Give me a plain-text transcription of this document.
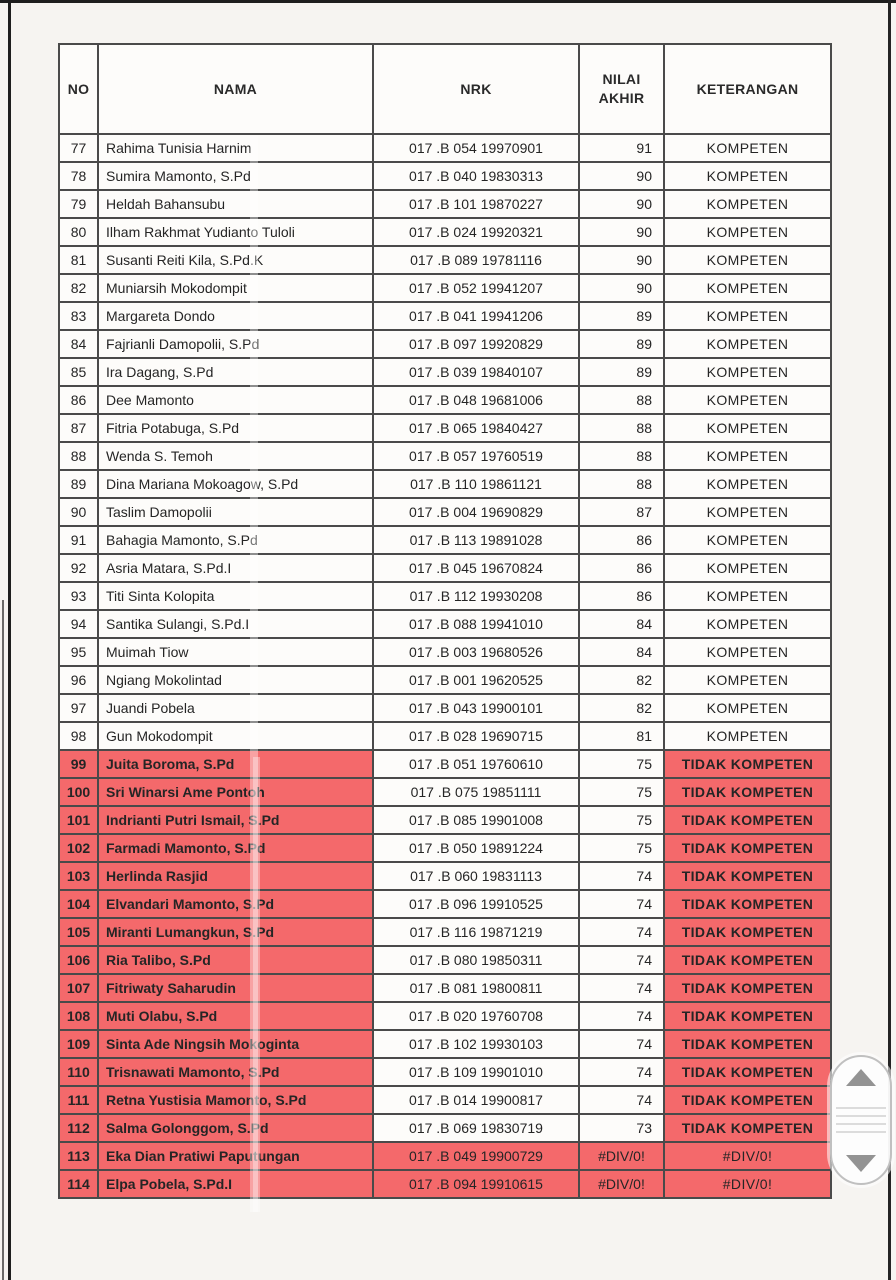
NO	NAMA	NRK	NILAI AKHIR	KETERANGAN
77	Rahima Tunisia Harnim	017 .B 054 19970901	91	KOMPETEN
78	Sumira Mamonto, S.Pd	017 .B 040 19830313	90	KOMPETEN
79	Heldah Bahansubu	017 .B 101 19870227	90	KOMPETEN
80	Ilham Rakhmat Yudianto Tuloli	017 .B 024 19920321	90	KOMPETEN
81	Susanti Reiti Kila, S.Pd.K	017 .B 089 19781116	90	KOMPETEN
82	Muniarsih Mokodompit	017 .B 052 19941207	90	KOMPETEN
83	Margareta Dondo	017 .B 041 19941206	89	KOMPETEN
84	Fajrianli Damopolii, S.Pd	017 .B 097 19920829	89	KOMPETEN
85	Ira Dagang, S.Pd	017 .B 039 19840107	89	KOMPETEN
86	Dee Mamonto	017 .B 048 19681006	88	KOMPETEN
87	Fitria Potabuga, S.Pd	017 .B 065 19840427	88	KOMPETEN
88	Wenda S. Temoh	017 .B 057 19760519	88	KOMPETEN
89	Dina Mariana Mokoagow, S.Pd	017 .B 110 19861121	88	KOMPETEN
90	Taslim Damopolii	017 .B 004 19690829	87	KOMPETEN
91	Bahagia Mamonto, S.Pd	017 .B 113 19891028	86	KOMPETEN
92	Asria Matara, S.Pd.I	017 .B 045 19670824	86	KOMPETEN
93	Titi Sinta Kolopita	017 .B 112 19930208	86	KOMPETEN
94	Santika Sulangi, S.Pd.I	017 .B 088 19941010	84	KOMPETEN
95	Muimah Tiow	017 .B 003 19680526	84	KOMPETEN
96	Ngiang Mokolintad	017 .B 001 19620525	82	KOMPETEN
97	Juandi Pobela	017 .B 043 19900101	82	KOMPETEN
98	Gun Mokodompit	017 .B 028 19690715	81	KOMPETEN
99	Juita Boroma, S.Pd	017 .B 051 19760610	75	TIDAK KOMPETEN
100	Sri Winarsi Ame Pontoh	017 .B 075 19851111	75	TIDAK KOMPETEN
101	Indrianti Putri Ismail, S.Pd	017 .B 085 19901008	75	TIDAK KOMPETEN
102	Farmadi Mamonto, S.Pd	017 .B 050 19891224	75	TIDAK KOMPETEN
103	Herlinda Rasjid	017 .B 060 19831113	74	TIDAK KOMPETEN
104	Elvandari Mamonto, S.Pd	017 .B 096 19910525	74	TIDAK KOMPETEN
105	Miranti Lumangkun, S.Pd	017 .B 116 19871219	74	TIDAK KOMPETEN
106	Ria Talibo, S.Pd	017 .B 080 19850311	74	TIDAK KOMPETEN
107	Fitriwaty Saharudin	017 .B 081 19800811	74	TIDAK KOMPETEN
108	Muti Olabu, S.Pd	017 .B 020 19760708	74	TIDAK KOMPETEN
109	Sinta Ade Ningsih Mokoginta	017 .B 102 19930103	74	TIDAK KOMPETEN
110	Trisnawati Mamonto, S.Pd	017 .B 109 19901010	74	TIDAK KOMPETEN
111	Retna Yustisia Mamonto, S.Pd	017 .B 014 19900817	74	TIDAK KOMPETEN
112	Salma Golonggom, S.Pd	017 .B 069 19830719	73	TIDAK KOMPETEN
113	Eka Dian Pratiwi Paputungan	017 .B 049 19900729	#DIV/0!	#DIV/0!
114	Elpa Pobela, S.Pd.I	017 .B 094 19910615	#DIV/0!	#DIV/0!
